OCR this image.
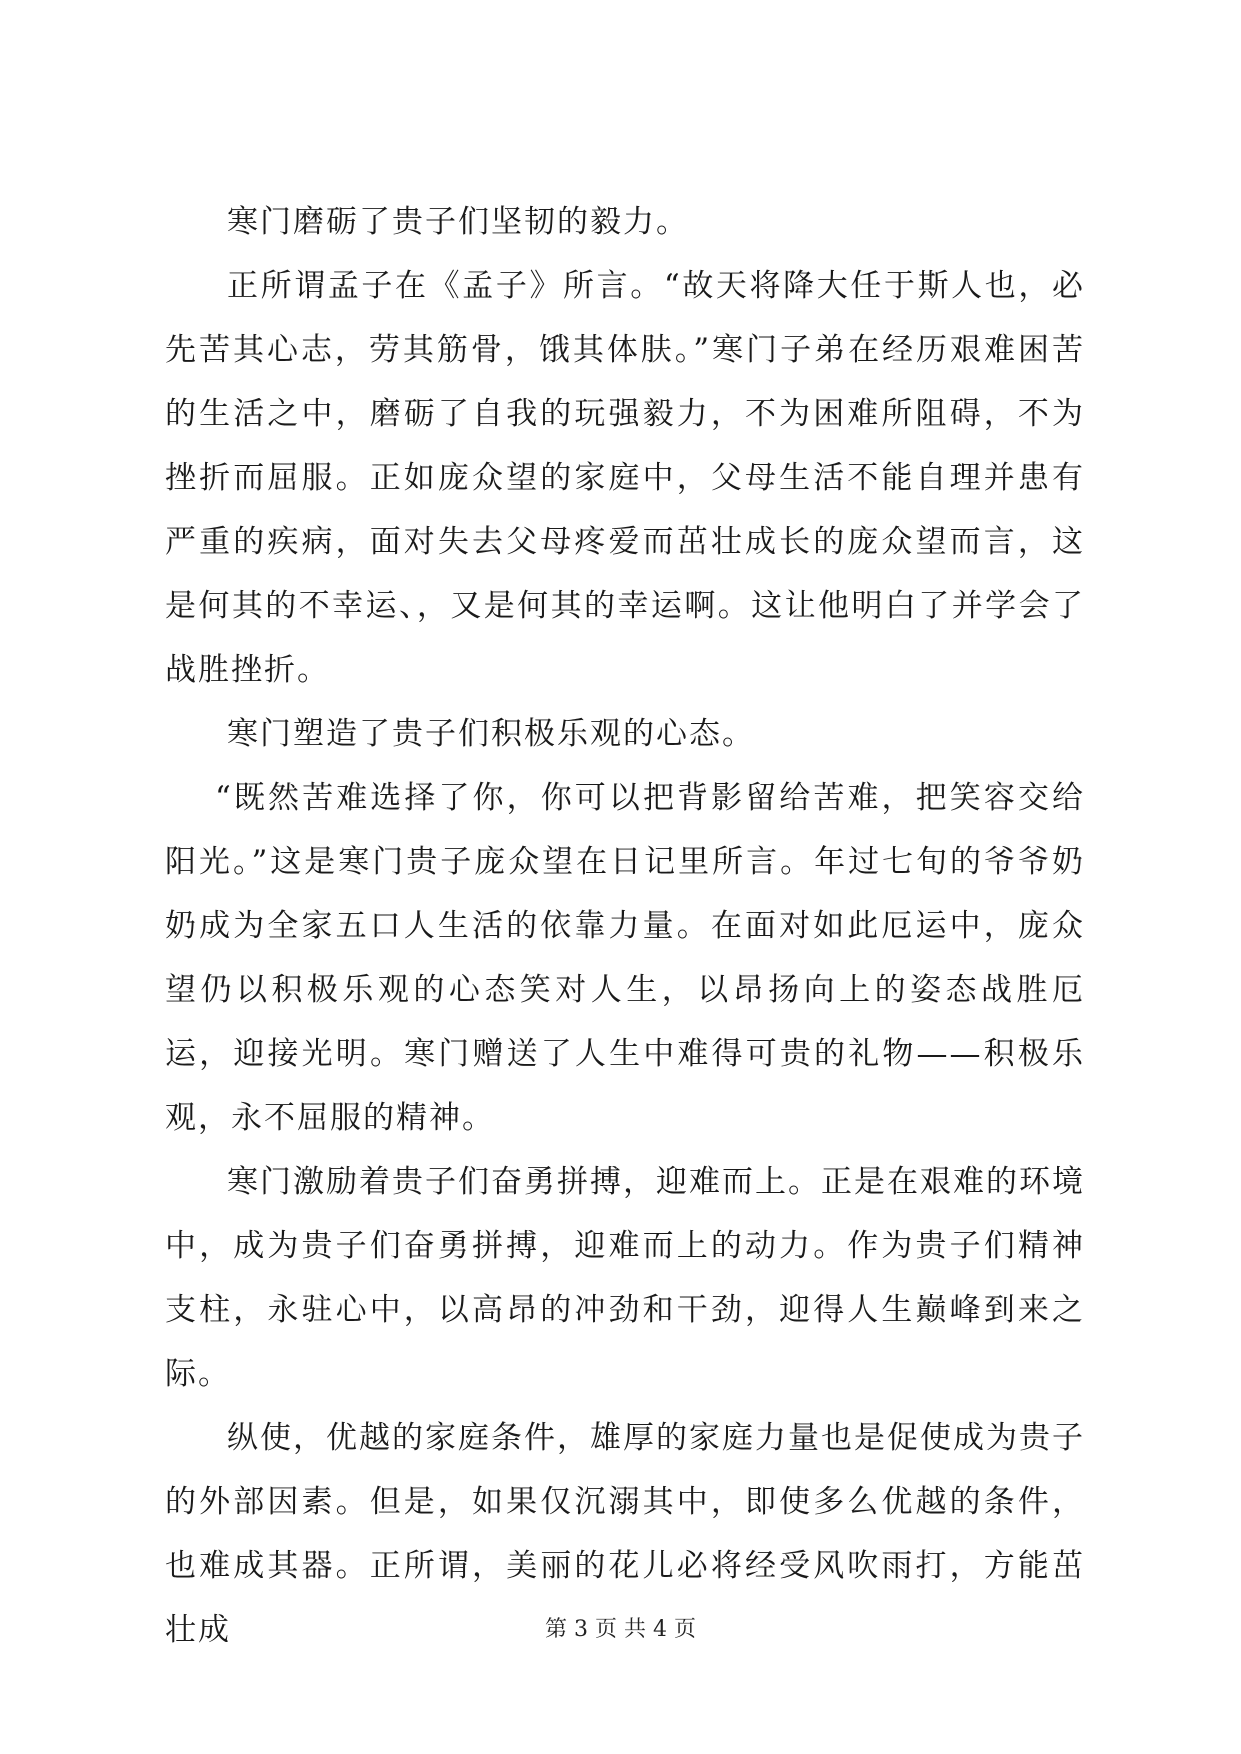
寒门磨砺了贵子们坚韧的毅力。

正所谓孟子在《孟子》所言。“故天将降大任于斯人也，必先苦其心志，劳其筋骨，饿其体肤。”寒门子弟在经历艰难困苦的生活之中，磨砺了自我的玩强毅力，不为困难所阻碍，不为挫折而屈服。正如庞众望的家庭中，父母生活不能自理并患有严重的疾病，面对失去父母疼爱而茁壮成长的庞众望而言，这是何其的不幸运、，又是何其的幸运啊。这让他明白了并学会了战胜挫折。

寒门塑造了贵子们积极乐观的心态。

“既然苦难选择了你，你可以把背影留给苦难，把笑容交给阳光。”这是寒门贵子庞众望在日记里所言。年过七旬的爷爷奶奶成为全家五口人生活的依靠力量。在面对如此厄运中，庞众望仍以积极乐观的心态笑对人生，以昂扬向上的姿态战胜厄运，迎接光明。寒门赠送了人生中难得可贵的礼物——积极乐观，永不屈服的精神。

寒门激励着贵子们奋勇拼搏，迎难而上。正是在艰难的环境中，成为贵子们奋勇拼搏，迎难而上的动力。作为贵子们精神支柱，永驻心中，以高昂的冲劲和干劲，迎得人生巅峰到来之际。

纵使，优越的家庭条件，雄厚的家庭力量也是促使成为贵子的外部因素。但是，如果仅沉溺其中，即使多么优越的条件，也难成其器。正所谓，美丽的花儿必将经受风吹雨打，方能茁壮成	第 3 页 共 4 页
